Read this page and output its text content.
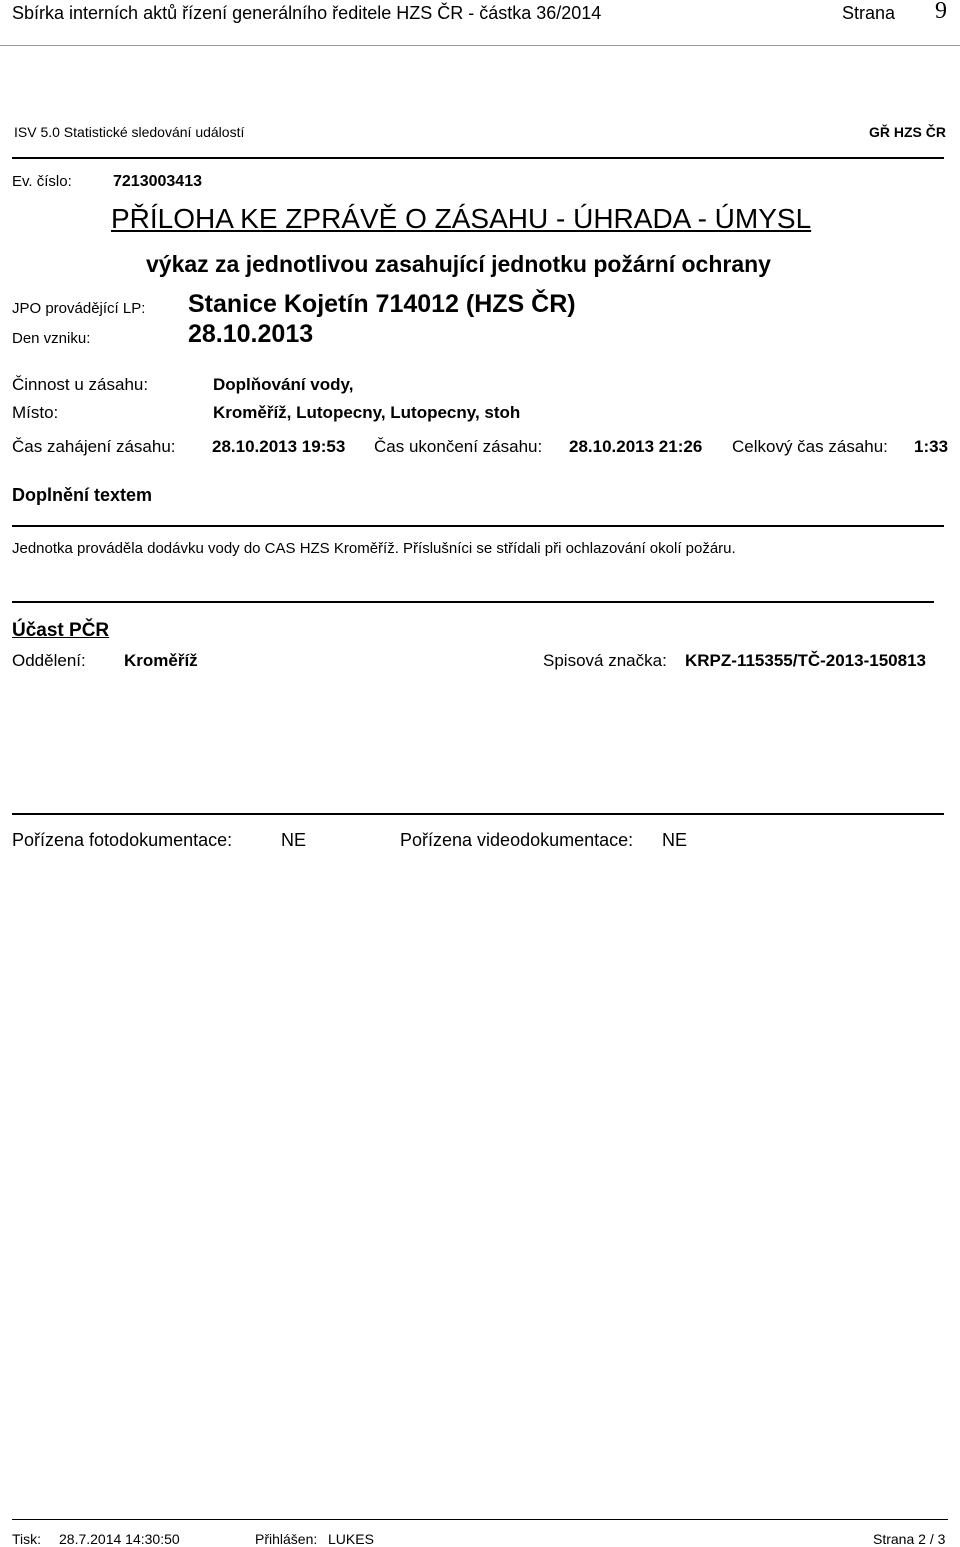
Sbírka interních aktů řízení generálního ředitele HZS ČR - částka 36/2014	Strana 9
ISV 5.0 Statistické sledování událostí	GŘ HZS ČR
Ev. číslo:	7213003413
PŘÍLOHA KE ZPRÁVĚ O ZÁSAHU - ÚHRADA - ÚMYSL
výkaz za jednotlivou zasahující jednotku požární ochrany
JPO provádějící LP: Stanice Kojetín 714012 (HZS ČR)
Den vzniku:	28.10.2013
Činnost u zásahu:	Doplňování vody,
Místo:	Kroměříž, Lutopecny, Lutopecny, stoh
Čas zahájení zásahu: 28.10.2013 19:53 Čas ukončení zásahu: 28.10.2013 21:26 Celkový čas zásahu: 1:33
Doplnění textem
Jednotka prováděla dodávku vody do CAS HZS Kroměříž. Příslušníci se střídali při ochlazování okolí požáru.
Účast PČR
Oddělení: Kroměříž	Spisová značka: KRPZ-115355/TČ-2013-150813
Pořízena fotodokumentace:	NE	Pořízena videodokumentace: NE
Tisk: 28.7.2014 14:30:50	Přihlášen: LUKES	Strana 2 / 3
